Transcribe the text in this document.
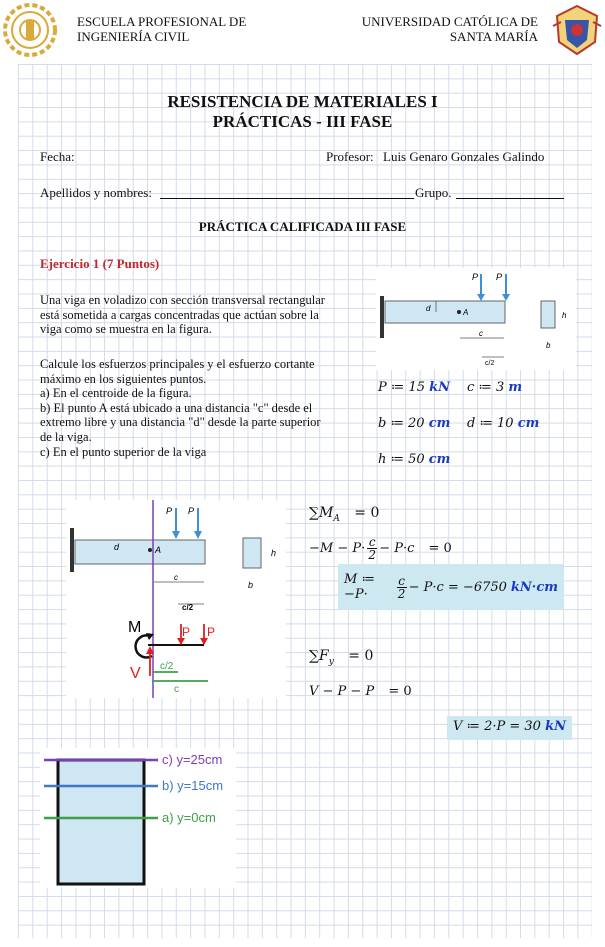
ESCUELA PROFESIONAL DE
INGENIERÍA CIVIL
UNIVERSIDAD CATÓLICA DE
SANTA MARÍA
RESISTENCIA DE MATERIALES I
PRÁCTICAS - III FASE
Fecha:	Profesor: Luis Genaro Gonzales Galindo
Apellidos y nombres:	Grupo.
PRÁCTICA CALIFICADA III FASE
Ejercicio 1 (7 Puntos)
Una viga en voladizo con sección transversal rectangular
está sometida a cargas concentradas que actúan sobre la
viga como se muestra en la figura.
Calcule los esfuerzos principales y el esfuerzo cortante
máximo en los siguientes puntos.
a) En el centroide de la figura.
b) El punto A está ubicado a una distancia "c" desde el
extremo libre y una distancia "d" desde la parte superior
de la viga.
c) En el punto superior de la viga
P P
d	A
c
c/2
h
b
P ≔ 15 kN c ≔ 3 m
b ≔ 20 cm d ≔ 10 cm
h ≔ 50 cm
P P
d	A
c
c/2
h
b
M	P P
V c/2
c
$\sum M_A = 0$
−M − P· c
2 − P·c = 0
M ≔ −P·
c
2 − P·c = −6750 kN·cm
$\sum F_y = 0$
V − P − P = 0
V ≔ 2·P = 30 kN
c) y=25cm
b) y=15cm
a) y=0cm
